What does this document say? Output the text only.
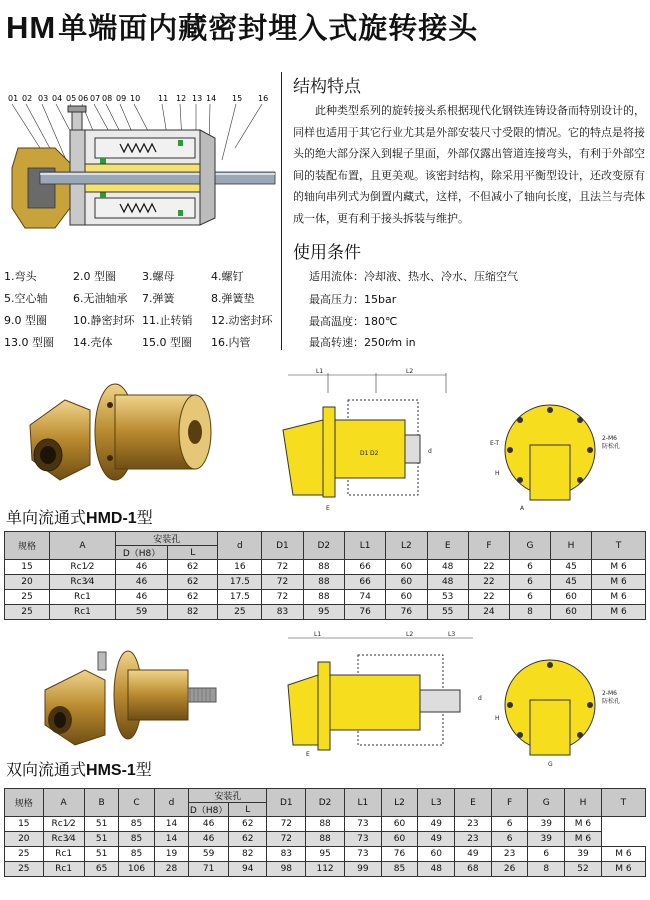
HM单端面内藏密封埋入式旋转接头
01 02 03 04 05 06 07 08 09 10 11 12 13 14 15 16
1.弯头	2.0 型圈	3.螺母	4.螺钉
5.空心轴	6.无油轴承	7.弹簧	8.弹簧垫
9.0 型圈	10.静密封环 11.止转销	12.动密封环
13.0 型圈	14.壳体	15.0 型圈	16.内管
结构特点
此种类型系列的旋转接头系根据现代化钢铁连铸设备而特别设计的，同样也适用于其它行业尤其是外部安装尺寸受限的情况。它的特点是将接头的绝大部分深入到辊子里面，外部仅露出管道连接弯头，有利于外部空间的装配布置，且更美观。该密封结构，除采用平衡型设计，还改变原有的轴向串列式为倒置内藏式，这样，不但减小了轴向长度，且法兰与壳体成一体，更有利于接头拆装与维护。
使用条件
适用流体：冷却液、热水、冷水、压缩空气
最高压力：15bar
最高温度：180℃
最高转速：250r⁄m in
L1	L2
E
D1 D2	d
E-T
2-M6
防松孔
H
A
单向流通式HMD-1型
规格	A	安装孔		d	D1	D2	L1	L2	E	F	G	H	T
		D（H8）	L										
15	Rc1⁄2	46	62	16	72	88	66	60	48	22	6	45	M 6
20	Rc3⁄4	46	62	17.5	72	88	66	60	48	22	6	45	M 6
25	Rc1	46	62	17.5	72	88	74	60	53	22	6	60	M 6
25	Rc1	59	82	25	83	95	76	76	55	24	8	60	M 6
L1	L2	L3
E
d
2-M6
防松孔
H
G
双向流通式HMS-1型
规格	A	B	C	d	安装孔		D1	D2	L1	L2	L3	E	F	G	H	T
					D（H8）	L										
15	Rc1⁄2	51	85	14	46	62	72	88	73	60	49	23	6	39	M 6	
20	Rc3⁄4	51	85	14	46	62	72	88	73	60	49	23	6	39	M 6	
25	Rc1	51	85	19	59	82	83	95	73	76	60	49	23	6	39	M 6
25	Rc1	65	106	28	71	94	98	112	99	85	48	68	26	8	52	M 6
